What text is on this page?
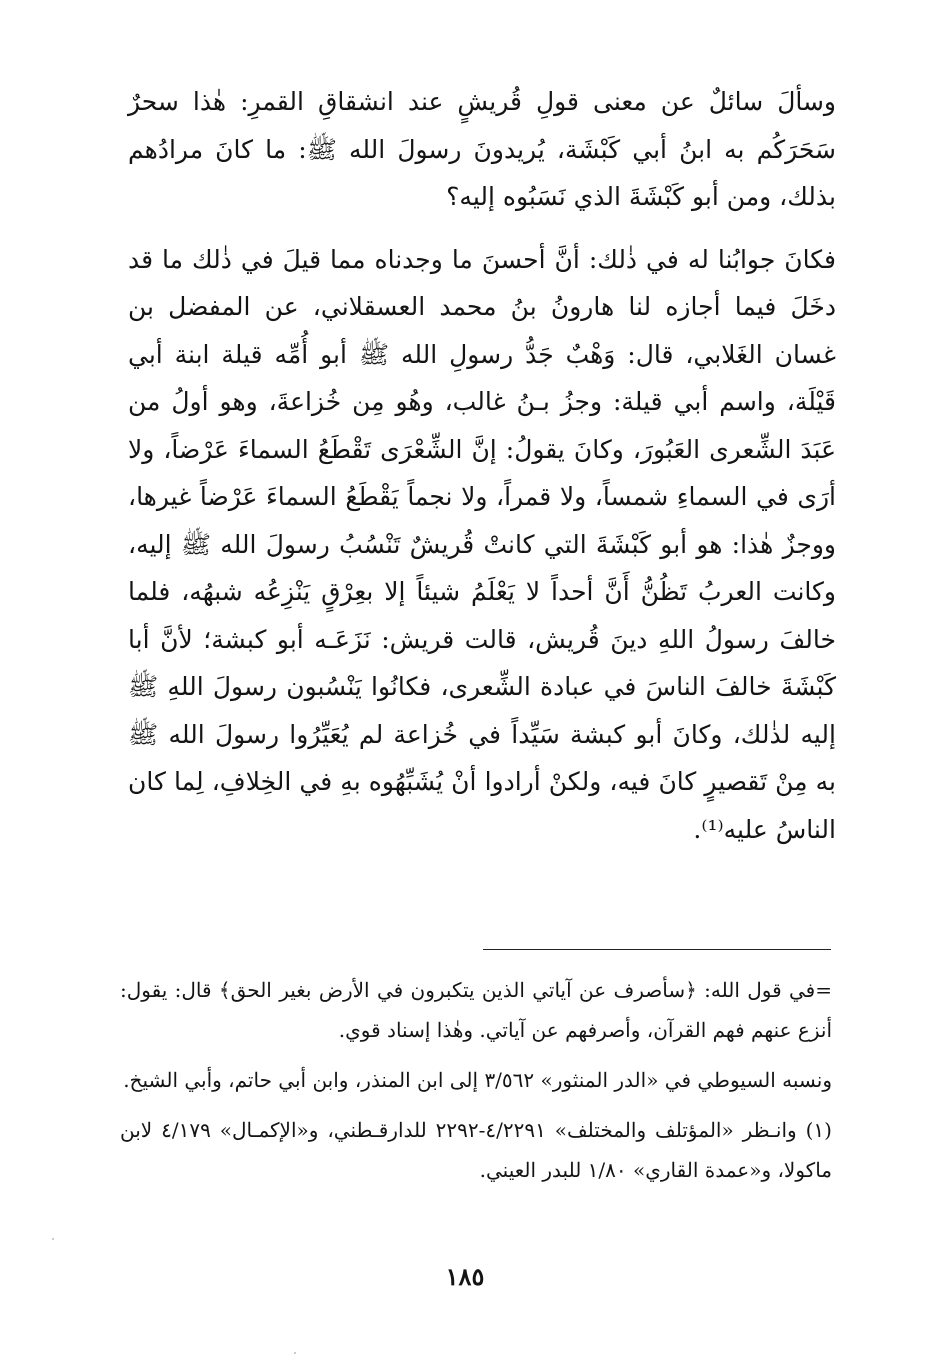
وسألَ سائلٌ عن معنى قولِ قُريشٍ عند انشقاقِ القمرِ: هٰذا سحرٌ سَحَرَكُم به ابنُ أبي كَبْشَة، يُريدونَ رسولَ الله ﷺ: ما كانَ مرادُهم بذلك، ومن أبو كَبْشَةَ الذي نَسَبُوه إليه؟

فكانَ جوابُنا له في ذٰلك: أنَّ أحسنَ ما وجدناه مما قيلَ في ذٰلك ما قد دخَلَ فيما أجازه لنا هارونُ بنُ محمد العسقلاني، عن المفضل بن غسان الغَلابي، قال: وَهْبٌ جَدُّ رسولِ الله ﷺ أبو أُمِّه قيلة ابنة أبي قَيْلَة، واسم أبي قيلة: وجزُ بـنُ غالب، وهُو مِن خُزاعةَ، وهو أولُ من عَبَدَ الشِّعرى العَبُورَ، وكانَ يقولُ: إنَّ الشِّعْرَى تَقْطَعُ السماءَ عَرْضاً، ولا أرَى في السماءِ شمساً، ولا قمراً، ولا نجماً يَقْطَعُ السماءَ عَرْضاً غيرها، ووجزٌ هٰذا: هو أبو كَبْشَةَ التي كانتْ قُريشٌ تَنْسُبُ رسولَ الله ﷺ إليه، وكانت العربُ تَظُنُّ أَنَّ أحداً لا يَعْلَمُ شيئاً إلا بعِرْقٍ يَنْزِعُه شبهُه، فلما خالفَ رسولُ اللهِ دينَ قُريش، قالت قريش: نَزَعَـه أبو كبشة؛ لأنَّ أبا كَبْشَةَ خالفَ الناسَ في عبادة الشِّعرى، فكانُوا يَنْسُبون رسولَ اللهِ ﷺ إليه لذٰلك، وكانَ أبو كبشة سَيِّداً في خُزاعة لم يُعَيِّرُوا رسولَ الله ﷺ به مِنْ تَقصيرٍ كانَ فيه، ولكنْ أرادوا أنْ يُشَبِّهُوه بهِ في الخِلافِ، لِما كان الناسُ عليه⁽¹⁾.

=في قول الله: ﴿سأصرف عن آياتي الذين يتكبرون في الأرض بغير الحق﴾ قال: يقول: أنزع عنهم فهم القرآن، وأصرفهم عن آياتي. وهٰذا إسناد قوي.

ونسبه السيوطي في «الدر المنثور» ٣/٥٦٢ إلى ابن المنذر، وابن أبي حاتم، وأبي الشيخ.

(١) وانـظر «المؤتلف والمختلف» ٤/٢٢٩١-٢٢٩٢ للدارقـطني، و«الإكمـال» ٤/١٧٩ لابن ماكولا، و«عمدة القاري» ١/٨٠ للبدر العيني.

١٨٥
